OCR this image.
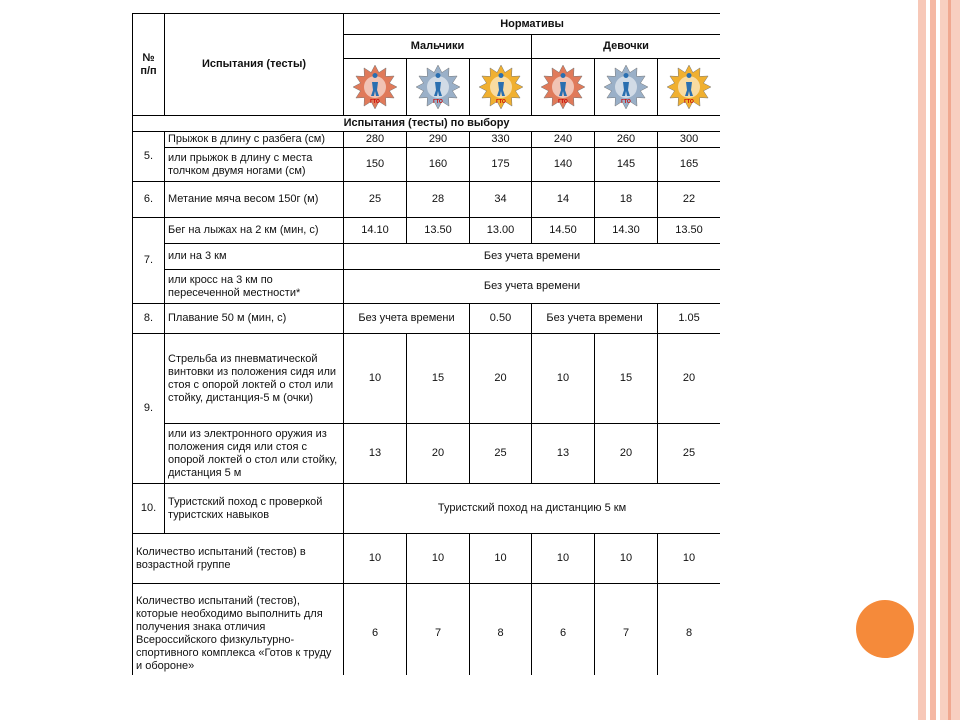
№ п/п	Испытания (тесты)	Нормативы					
		Мальчики			Девочки		

ГТО	ГТО	ГТО	ГТО	ГТО	ГТО

Испытания (тесты) по выбору							
5.	Прыжок в длину с разбега (см)	280	290	330	240	260	300
	или прыжок в длину с места толчком двумя ногами (см)	150	160	175	140	145	165
6.	Метание мяча весом 150г (м)	25	28	34	14	18	22
7.	Бег на лыжах на 2 км (мин, с)	14.10	13.50	13.00	14.50	14.30	13.50
	или на 3 км	Без учета времени					
	или кросс на 3 км по пересеченной местности*	Без учета времени					
8.	Плавание 50 м (мин, с)	Без учета времени		0.50	Без учета времени		1.05
9.	Стрельба из пневматической винтовки из положения сидя или стоя с опорой локтей о стол или стойку, дистанция-5 м (очки)	10	15	20	10	15	20
	или из электронного оружия из положения сидя или стоя с опорой локтей о стол или стойку, дистанция 5 м	13	20	25	13	20	25
10.	Туристский поход с проверкой туристских навыков	Туристский поход на дистанцию 5 км					
Количество испытаний (тестов) в возрастной группе		10	10	10	10	10	10
Количество испытаний (тестов), которые необходимо выполнить для получения знака отличия Всероссийского физкультурно-спортивного комплекса «Готов к труду и обороне»		6	7	8	6	7	8
